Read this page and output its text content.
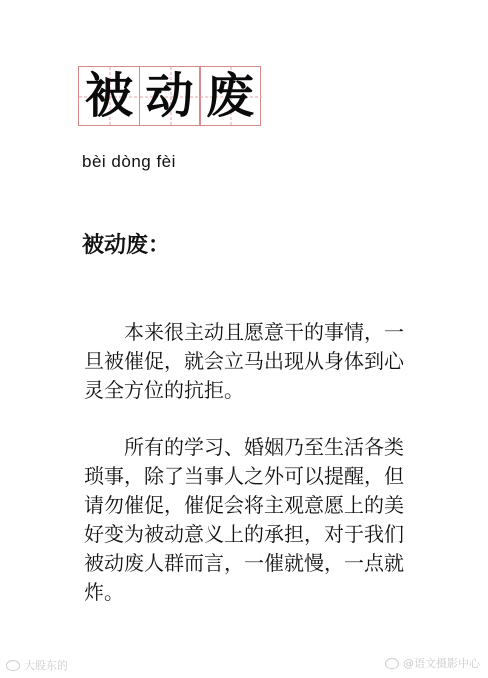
被 动 废
bèi dòng fèi
被动废：

本来很主动且愿意干的事情，一旦被催促，就会立马出现从身体到心灵全方位的抗拒。

所有的学习、婚姻乃至生活各类琐事，除了当事人之外可以提醒，但请勿催促，催促会将主观意愿上的美好变为被动意义上的承担，对于我们被动废人群而言，一催就慢，一点就炸。

大股东的	@语文摄影中心
